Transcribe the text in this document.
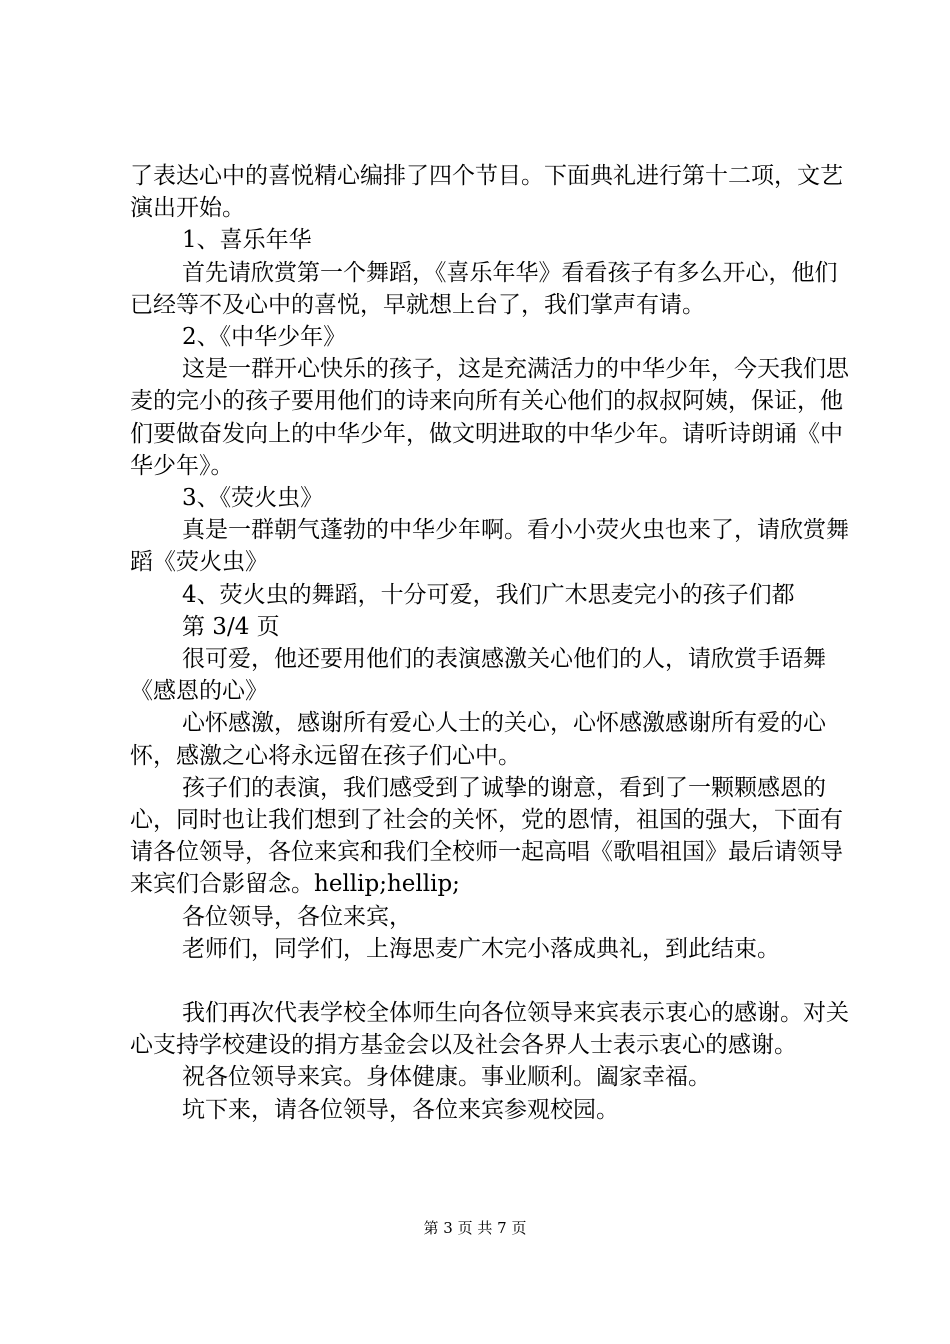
了表达心中的喜悦精心编排了四个节目。下面典礼进行第十二项，文艺演出开始。

1、喜乐年华

首先请欣赏第一个舞蹈，《喜乐年华》看看孩子有多么开心，他们已经等不及心中的喜悦，早就想上台了，我们掌声有请。

2、《中华少年》

这是一群开心快乐的孩子，这是充满活力的中华少年，今天我们思麦的完小的孩子要用他们的诗来向所有关心他们的叔叔阿姨，保证，他们要做奋发向上的中华少年，做文明进取的中华少年。请听诗朗诵《中华少年》。

3、《荧火虫》

真是一群朝气蓬勃的中华少年啊。看小小荧火虫也来了，请欣赏舞蹈《荧火虫》

4、荧火虫的舞蹈，十分可爱，我们广木思麦完小的孩子们都

第 3/4 页

很可爱，他还要用他们的表演感激关心他们的人，请欣赏手语舞《感恩的心》

心怀感激，感谢所有爱心人士的关心，心怀感激感谢所有爱的心怀，感激之心将永远留在孩子们心中。

孩子们的表演，我们感受到了诚挚的谢意，看到了一颗颗感恩的心，同时也让我们想到了社会的关怀，党的恩情，祖国的强大，下面有请各位领导，各位来宾和我们全校师一起高唱《歌唱祖国》最后请领导来宾们合影留念。hellip;hellip;

各位领导，各位来宾，

老师们，同学们，上海思麦广木完小落成典礼，到此结束。

我们再次代表学校全体师生向各位领导来宾表示衷心的感谢。对关心支持学校建设的捐方基金会以及社会各界人士表示衷心的感谢。

祝各位领导来宾。身体健康。事业顺利。阖家幸福。

坑下来，请各位领导，各位来宾参观校园。

第 3 页 共 7 页
